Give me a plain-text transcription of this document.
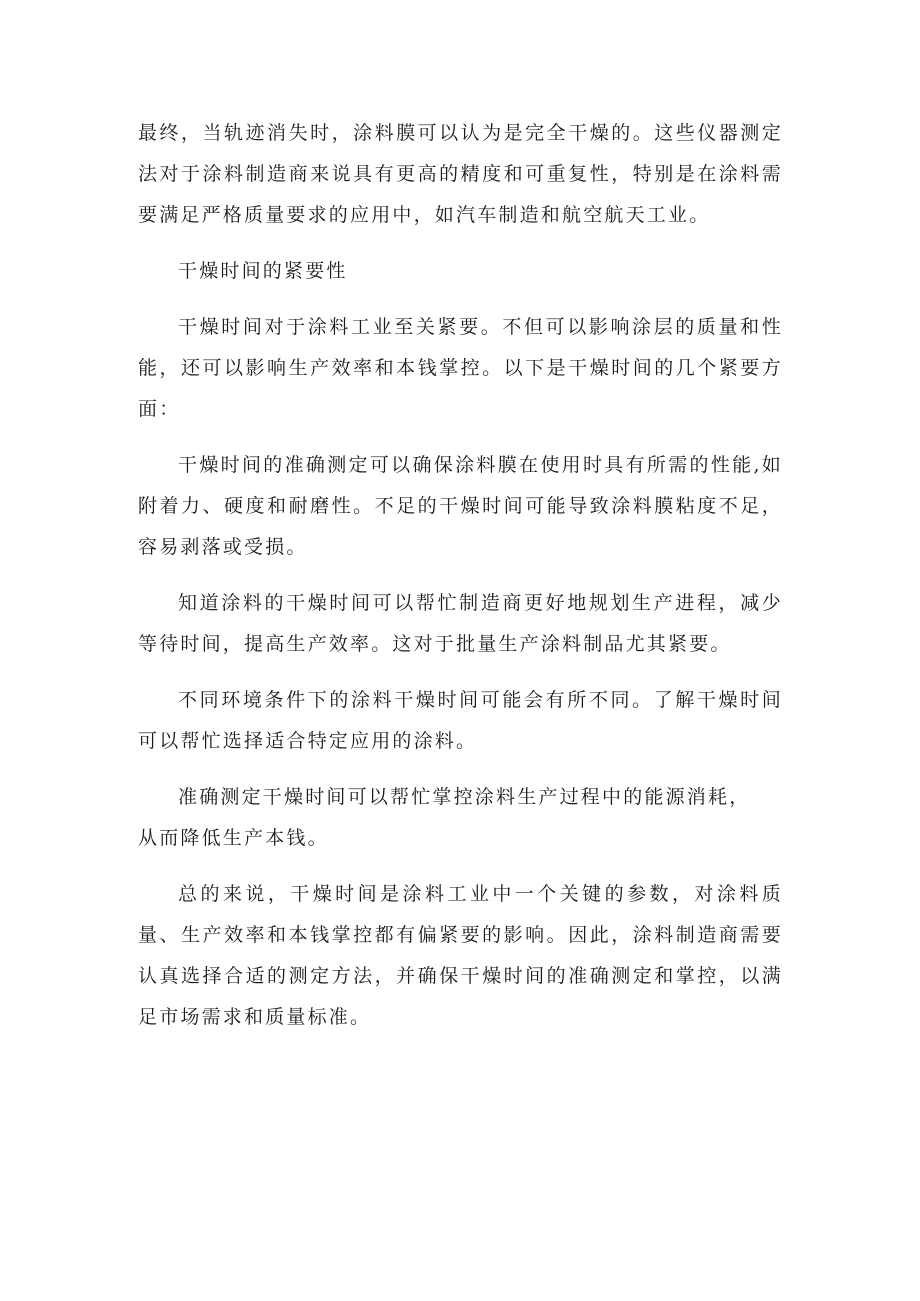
最终，当轨迹消失时，涂料膜可以认为是完全干燥的。这些仪器测定法对于涂料制造商来说具有更高的精度和可重复性，特别是在涂料需要满足严格质量要求的应用中，如汽车制造和航空航天工业。

干燥时间的紧要性

干燥时间对于涂料工业至关紧要。不但可以影响涂层的质量和性能，还可以影响生产效率和本钱掌控。以下是干燥时间的几个紧要方面：

干燥时间的准确测定可以确保涂料膜在使用时具有所需的性能,如附着力、硬度和耐磨性。不足的干燥时间可能导致涂料膜粘度不足，容易剥落或受损。

知道涂料的干燥时间可以帮忙制造商更好地规划生产进程，减少等待时间，提高生产效率。这对于批量生产涂料制品尤其紧要。

不同环境条件下的涂料干燥时间可能会有所不同。了解干燥时间可以帮忙选择适合特定应用的涂料。

准确测定干燥时间可以帮忙掌控涂料生产过程中的能源消耗，
从而降低生产本钱。

总的来说，干燥时间是涂料工业中一个关键的参数，对涂料质量、生产效率和本钱掌控都有偏紧要的影响。因此，涂料制造商需要认真选择合适的测定方法，并确保干燥时间的准确测定和掌控，以满足市场需求和质量标准。
